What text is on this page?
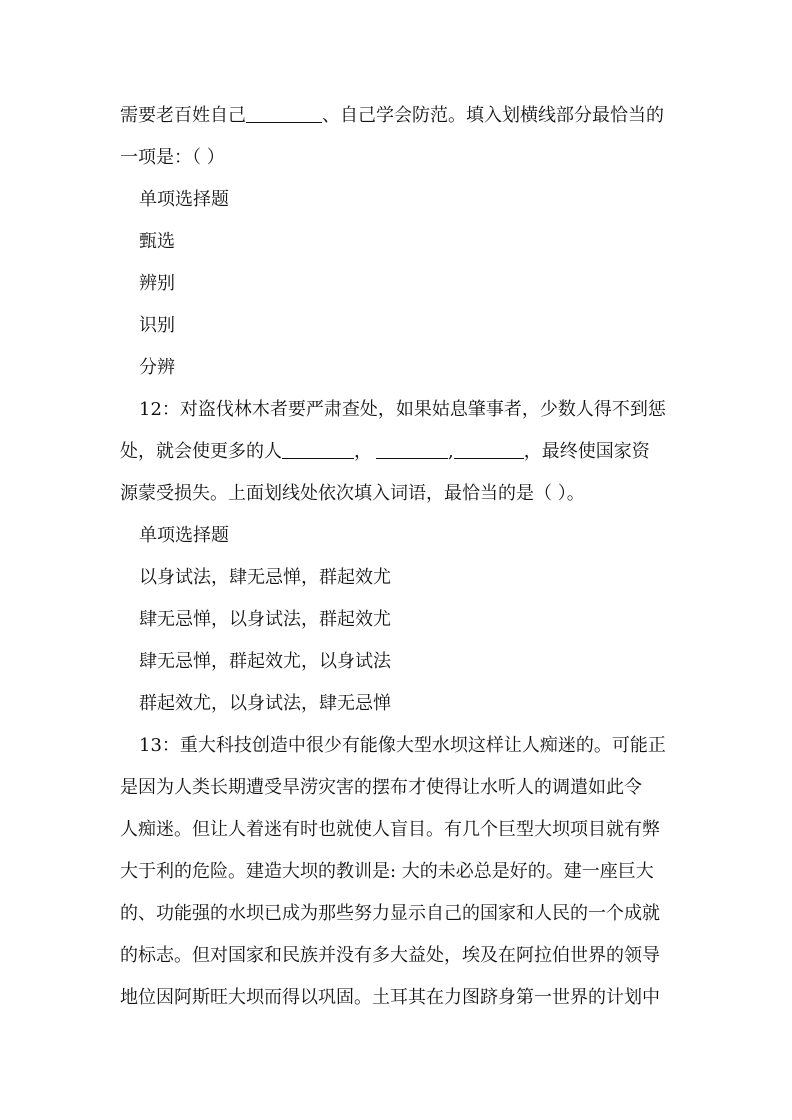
需要老百姓自己	、自己学会防范。填入划横线部分最恰当的
一项是：（ ）
单项选择题
甄选
辨别
识别
分辨
12：对盗伐林木者要严肃查处，如果姑息肇事者，少数人得不到惩
处，就会使更多的人	，	,	，最终使国家资
源蒙受损失。上面划线处依次填入词语，最恰当的是（ ）。
单项选择题
以身试法，肆无忌惮，群起效尤
肆无忌惮，以身试法，群起效尤
肆无忌惮，群起效尤，以身试法
群起效尤，以身试法，肆无忌惮
13：重大科技创造中很少有能像大型水坝这样让人痴迷的。可能正
是因为人类长期遭受旱涝灾害的摆布才使得让水听人的调遣如此令
人痴迷。但让人着迷有时也就使人盲目。有几个巨型大坝项目就有弊
大于利的危险。建造大坝的教训是: 大的未必总是好的。建一座巨大
的、功能强的水坝已成为那些努力显示自己的国家和人民的一个成就
的标志。但对国家和民族并没有多大益处，埃及在阿拉伯世界的领导
地位因阿斯旺大坝而得以巩固。土耳其在力图跻身第一世界的计划中
